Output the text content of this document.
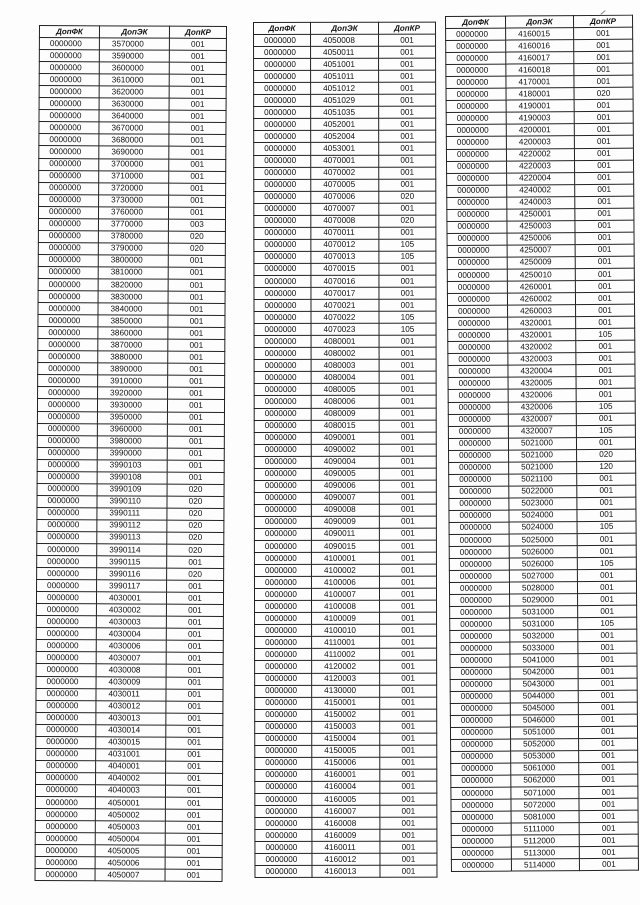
ДопФК	ДопЭК	ДопКР
0000000	3570000	001
0000000	3590000	001
0000000	3600000	001
0000000	3610000	001
0000000	3620000	001
0000000	3630000	001
0000000	3640000	001
0000000	3670000	001
0000000	3680000	001
0000000	3690000	001
0000000	3700000	001
0000000	3710000	001
0000000	3720000	001
0000000	3730000	001
0000000	3760000	001
0000000	3770000	003
0000000	3780000	020
0000000	3790000	020
0000000	3800000	001
0000000	3810000	001
0000000	3820000	001
0000000	3830000	001
0000000	3840000	001
0000000	3850000	001
0000000	3860000	001
0000000	3870000	001
0000000	3880000	001
0000000	3890000	001
0000000	3910000	001
0000000	3920000	001
0000000	3930000	001
0000000	3950000	001
0000000	3960000	001
0000000	3980000	001
0000000	3990000	001
0000000	3990103	001
0000000	3990108	001
0000000	3990109	020
0000000	3990110	020
0000000	3990111	020
0000000	3990112	020
0000000	3990113	020
0000000	3990114	020
0000000	3990115	001
0000000	3990116	020
0000000	3990117	001
0000000	4030001	001
0000000	4030002	001
0000000	4030003	001
0000000	4030004	001
0000000	4030006	001
0000000	4030007	001
0000000	4030008	001
0000000	4030009	001
0000000	4030011	001
0000000	4030012	001
0000000	4030013	001
0000000	4030014	001
0000000	4030015	001
0000000	4031001	001
0000000	4040001	001
0000000	4040002	001
0000000	4040003	001
0000000	4050001	001
0000000	4050002	001
0000000	4050003	001
0000000	4050004	001
0000000	4050005	001
0000000	4050006	001
0000000	4050007	001
ДопФК	ДопЭК	ДопКР
0000000	4050008	001
0000000	4050011	001
0000000	4051001	001
0000000	4051011	001
0000000	4051012	001
0000000	4051029	001
0000000	4051035	001
0000000	4052001	001
0000000	4052004	001
0000000	4053001	001
0000000	4070001	001
0000000	4070002	001
0000000	4070005	001
0000000	4070006	020
0000000	4070007	001
0000000	4070008	020
0000000	4070011	001
0000000	4070012	105
0000000	4070013	105
0000000	4070015	001
0000000	4070016	001
0000000	4070017	001
0000000	4070021	001
0000000	4070022	105
0000000	4070023	105
0000000	4080001	001
0000000	4080002	001
0000000	4080003	001
0000000	4080004	001
0000000	4080005	001
0000000	4080006	001
0000000	4080009	001
0000000	4080015	001
0000000	4090001	001
0000000	4090002	001
0000000	4090004	001
0000000	4090005	001
0000000	4090006	001
0000000	4090007	001
0000000	4090008	001
0000000	4090009	001
0000000	4090011	001
0000000	4090015	001
0000000	4100001	001
0000000	4100002	001
0000000	4100006	001
0000000	4100007	001
0000000	4100008	001
0000000	4100009	001
0000000	4100010	001
0000000	4110001	001
0000000	4110002	001
0000000	4120002	001
0000000	4120003	001
0000000	4130000	001
0000000	4150001	001
0000000	4150002	001
0000000	4150003	001
0000000	4150004	001
0000000	4150005	001
0000000	4150006	001
0000000	4160001	001
0000000	4160004	001
0000000	4160005	001
0000000	4160007	001
0000000	4160008	001
0000000	4160009	001
0000000	4160011	001
0000000	4160012	001
0000000	4160013	001
ДопФК	ДопЭК	ДопКР
0000000	4160015	001
0000000	4160016	001
0000000	4160017	001
0000000	4160018	001
0000000	4170001	001
0000000	4180001	020
0000000	4190001	001
0000000	4190003	001
0000000	4200001	001
0000000	4200003	001
0000000	4220002	001
0000000	4220003	001
0000000	4220004	001
0000000	4240002	001
0000000	4240003	001
0000000	4250001	001
0000000	4250003	001
0000000	4250006	001
0000000	4250007	001
0000000	4250009	001
0000000	4250010	001
0000000	4260001	001
0000000	4260002	001
0000000	4260003	001
0000000	4320001	001
0000000	4320001	105
0000000	4320002	001
0000000	4320003	001
0000000	4320004	001
0000000	4320005	001
0000000	4320006	001
0000000	4320006	105
0000000	4320007	001
0000000	4320007	105
0000000	5021000	001
0000000	5021000	020
0000000	5021000	120
0000000	5021100	001
0000000	5022000	001
0000000	5023000	001
0000000	5024000	001
0000000	5024000	105
0000000	5025000	001
0000000	5026000	001
0000000	5026000	105
0000000	5027000	001
0000000	5028000	001
0000000	5029000	001
0000000	5031000	001
0000000	5031000	105
0000000	5032000	001
0000000	5033000	001
0000000	5041000	001
0000000	5042000	001
0000000	5043000	001
0000000	5044000	001
0000000	5045000	001
0000000	5046000	001
0000000	5051000	001
0000000	5052000	001
0000000	5053000	001
0000000	5061000	001
0000000	5062000	001
0000000	5071000	001
0000000	5072000	001
0000000	5081000	001
0000000	5111000	001
0000000	5112000	001
0000000	5113000	001
0000000	5114000	001
